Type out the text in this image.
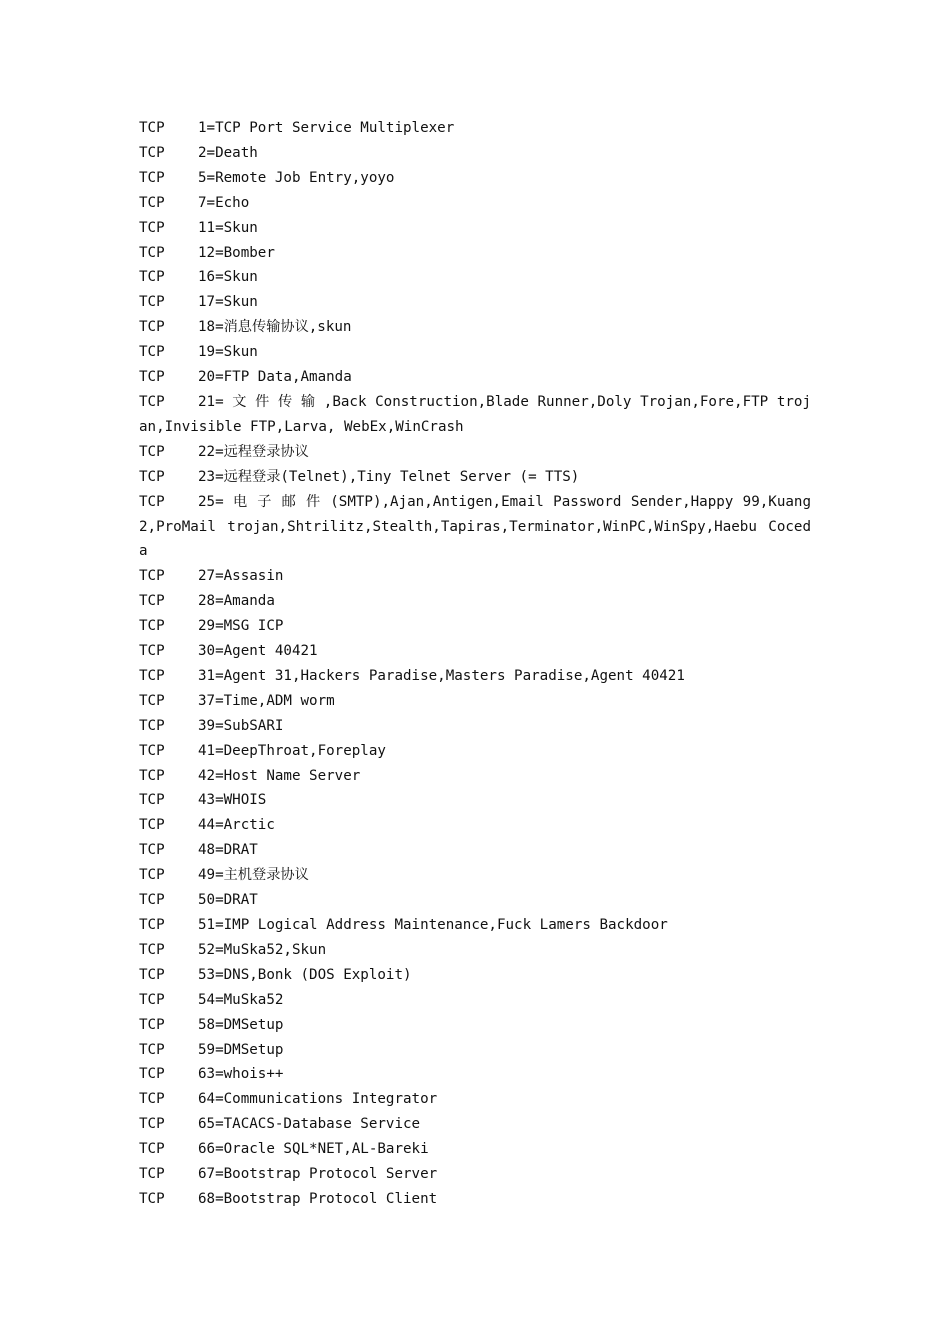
TCP 1=TCP Port Service Multiplexer
TCP 2=Death
TCP 5=Remote Job Entry,yoyo
TCP 7=Echo
TCP 11=Skun
TCP 12=Bomber
TCP 16=Skun
TCP 17=Skun
TCP 18=消息传输协议,skun
TCP 19=Skun
TCP 20=FTP Data,Amanda
TCP 21= 文 件 传 输 ,Back Construction,Blade Runner,Doly Trojan,Fore,FTP trojan,Invisible FTP,Larva, WebEx,WinCrash
TCP 22=远程登录协议
TCP 23=远程登录(Telnet),Tiny Telnet Server (= TTS)
TCP 25= 电 子 邮 件 (SMTP),Ajan,Antigen,Email Password Sender,Happy 99,Kuang2,ProMail trojan,Shtrilitz,Stealth,Tapiras,Terminator,WinPC,WinSpy,Haebu Coceda
TCP 27=Assasin
TCP 28=Amanda
TCP 29=MSG ICP
TCP 30=Agent 40421
TCP 31=Agent 31,Hackers Paradise,Masters Paradise,Agent 40421
TCP 37=Time,ADM worm
TCP 39=SubSARI
TCP 41=DeepThroat,Foreplay
TCP 42=Host Name Server
TCP 43=WHOIS
TCP 44=Arctic
TCP 48=DRAT
TCP 49=主机登录协议
TCP 50=DRAT
TCP 51=IMP Logical Address Maintenance,Fuck Lamers Backdoor
TCP 52=MuSka52,Skun
TCP 53=DNS,Bonk (DOS Exploit)
TCP 54=MuSka52
TCP 58=DMSetup
TCP 59=DMSetup
TCP 63=whois++
TCP 64=Communications Integrator
TCP 65=TACACS-Database Service
TCP 66=Oracle SQL*NET,AL-Bareki
TCP 67=Bootstrap Protocol Server
TCP 68=Bootstrap Protocol Client
